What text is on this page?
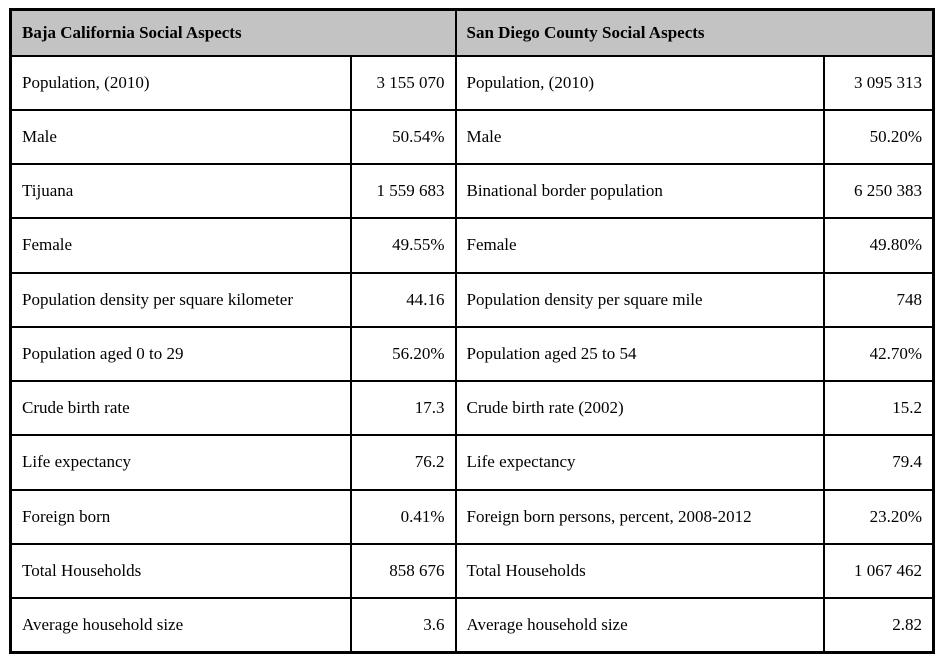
Baja California Social Aspects		San Diego County Social Aspects	
Population, (2010)	3 155 070	Population, (2010)	3 095 313
Male	50.54%	Male	50.20%
Tijuana	1 559 683	Binational border population	6 250 383
Female	49.55%	Female	49.80%
Population density per square kilometer	44.16	Population density per square mile	748
Population aged 0 to 29	56.20%	Population aged 25 to 54	42.70%
Crude birth rate	17.3	Crude birth rate (2002)	15.2
Life expectancy	76.2	Life expectancy	79.4
Foreign born	0.41%	Foreign born persons, percent, 2008-2012	23.20%
Total Households	858 676	Total Households	1 067 462
Average household size	3.6	Average household size	2.82
